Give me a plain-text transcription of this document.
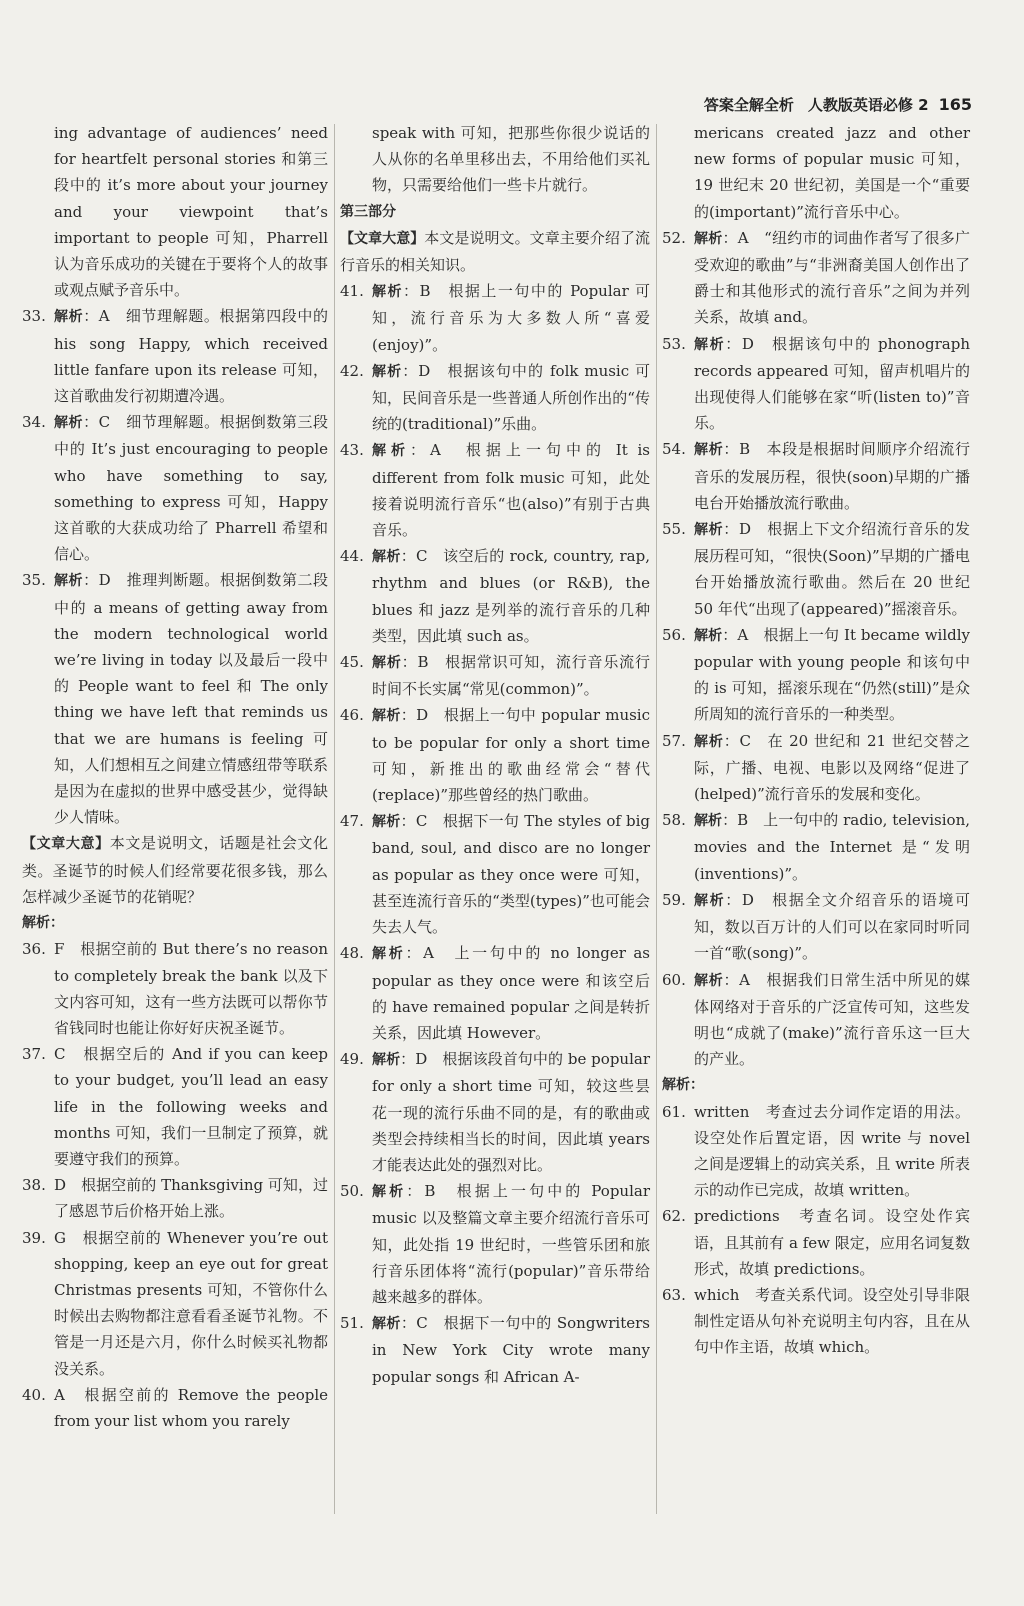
答案全解全析 人教版英语必修 2 165
ing advantage of audiences’ need for heartfelt personal stories 和第三段中的 it’s more about your journey and your viewpoint that’s important to people 可知，Pharrell 认为音乐成功的关键在于要将个人的故事或观点赋予音乐中。
33. 解析：A　细节理解题。根据第四段中的 his song Happy, which received little fanfare upon its release 可知，这首歌曲发行初期遭冷遇。
34. 解析：C　细节理解题。根据倒数第三段中的 It’s just encouraging to people who have something to say, something to express 可知，Happy 这首歌的大获成功给了 Pharrell 希望和信心。
35. 解析：D　推理判断题。根据倒数第二段中的 a means of getting away from the modern technological world we’re living in today 以及最后一段中的 People want to feel 和 The only thing we have left that reminds us that we are humans is feeling 可知，人们想相互之间建立情感纽带等联系是因为在虚拟的世界中感受甚少，觉得缺少人情味。
【文章大意】本文是说明文，话题是社会文化类。圣诞节的时候人们经常要花很多钱，那么怎样减少圣诞节的花销呢？
解析：
36. F　根据空前的 But there’s no reason to completely break the bank 以及下文内容可知，这有一些方法既可以帮你节省钱同时也能让你好好庆祝圣诞节。
37. C　根据空后的 And if you can keep to your budget, you’ll lead an easy life in the following weeks and months 可知，我们一旦制定了预算，就要遵守我们的预算。
38. D　根据空前的 Thanksgiving 可知，过了感恩节后价格开始上涨。
39. G　根据空前的 Whenever you’re out shopping, keep an eye out for great Christmas presents 可知，不管你什么时候出去购物都注意看看圣诞节礼物。不管是一月还是六月，你什么时候买礼物都没关系。
40. A　根据空前的 Remove the people from your list whom you rarely
speak with 可知，把那些你很少说话的人从你的名单里移出去，不用给他们买礼物，只需要给他们一些卡片就行。
第三部分
【文章大意】本文是说明文。文章主要介绍了流行音乐的相关知识。
41. 解析：B　根据上一句中的 Popular 可知，流行音乐为大多数人所“喜爱(enjoy)”。
42. 解析：D　根据该句中的 folk music 可知，民间音乐是一些普通人所创作出的“传统的(traditional)”乐曲。
43. 解析：A　根据上一句中的 It is different from folk music 可知，此处接着说明流行音乐“也(also)”有别于古典音乐。
44. 解析：C　该空后的 rock, country, rap, rhythm and blues (or R&B), the blues 和 jazz 是列举的流行音乐的几种类型，因此填 such as。
45. 解析：B　根据常识可知，流行音乐流行时间不长实属“常见(common)”。
46. 解析：D　根据上一句中 popular music to be popular for only a short time 可知，新推出的歌曲经常会“替代(replace)”那些曾经的热门歌曲。
47. 解析：C　根据下一句 The styles of big band, soul, and disco are no longer as popular as they once were 可知，甚至连流行音乐的“类型(types)”也可能会失去人气。
48. 解析：A　上一句中的 no longer as popular as they once were 和该空后的 have remained popular 之间是转折关系，因此填 However。
49. 解析：D　根据该段首句中的 be popular for only a short time 可知，较这些昙花一现的流行乐曲不同的是，有的歌曲或类型会持续相当长的时间，因此填 years 才能表达此处的强烈对比。
50. 解析：B　根据上一句中的 Popular music 以及整篇文章主要介绍流行音乐可知，此处指 19 世纪时，一些管乐团和旅行音乐团体将“流行(popular)”音乐带给越来越多的群体。
51. 解析：C　根据下一句中的 Songwriters in New York City wrote many popular songs 和 African A-
mericans created jazz and other new forms of popular music 可知，19 世纪末 20 世纪初，美国是一个“重要的(important)”流行音乐中心。
52. 解析：A　“纽约市的词曲作者写了很多广受欢迎的歌曲”与“非洲裔美国人创作出了爵士和其他形式的流行音乐”之间为并列关系，故填 and。
53. 解析：D　根据该句中的 phonograph records appeared 可知，留声机唱片的出现使得人们能够在家“听(listen to)”音乐。
54. 解析：B　本段是根据时间顺序介绍流行音乐的发展历程，很快(soon)早期的广播电台开始播放流行歌曲。
55. 解析：D　根据上下文介绍流行音乐的发展历程可知，“很快(Soon)”早期的广播电台开始播放流行歌曲。然后在 20 世纪 50 年代“出现了(appeared)”摇滚音乐。
56. 解析：A　根据上一句 It became wildly popular with young people 和该句中的 is 可知，摇滚乐现在“仍然(still)”是众所周知的流行音乐的一种类型。
57. 解析：C　在 20 世纪和 21 世纪交替之际，广播、电视、电影以及网络“促进了(helped)”流行音乐的发展和变化。
58. 解析：B　上一句中的 radio, television, movies and the Internet 是“发明(inventions)”。
59. 解析：D　根据全文介绍音乐的语境可知，数以百万计的人们可以在家同时听同一首“歌(song)”。
60. 解析：A　根据我们日常生活中所见的媒体网络对于音乐的广泛宣传可知，这些发明也“成就了(make)”流行音乐这一巨大的产业。
解析：
61. written　考查过去分词作定语的用法。设空处作后置定语，因 write 与 novel 之间是逻辑上的动宾关系，且 write 所表示的动作已完成，故填 written。
62. predictions　考查名词。设空处作宾语，且其前有 a few 限定，应用名词复数形式，故填 predictions。
63. which　考查关系代词。设空处引导非限制性定语从句补充说明主句内容，且在从句中作主语，故填 which。
